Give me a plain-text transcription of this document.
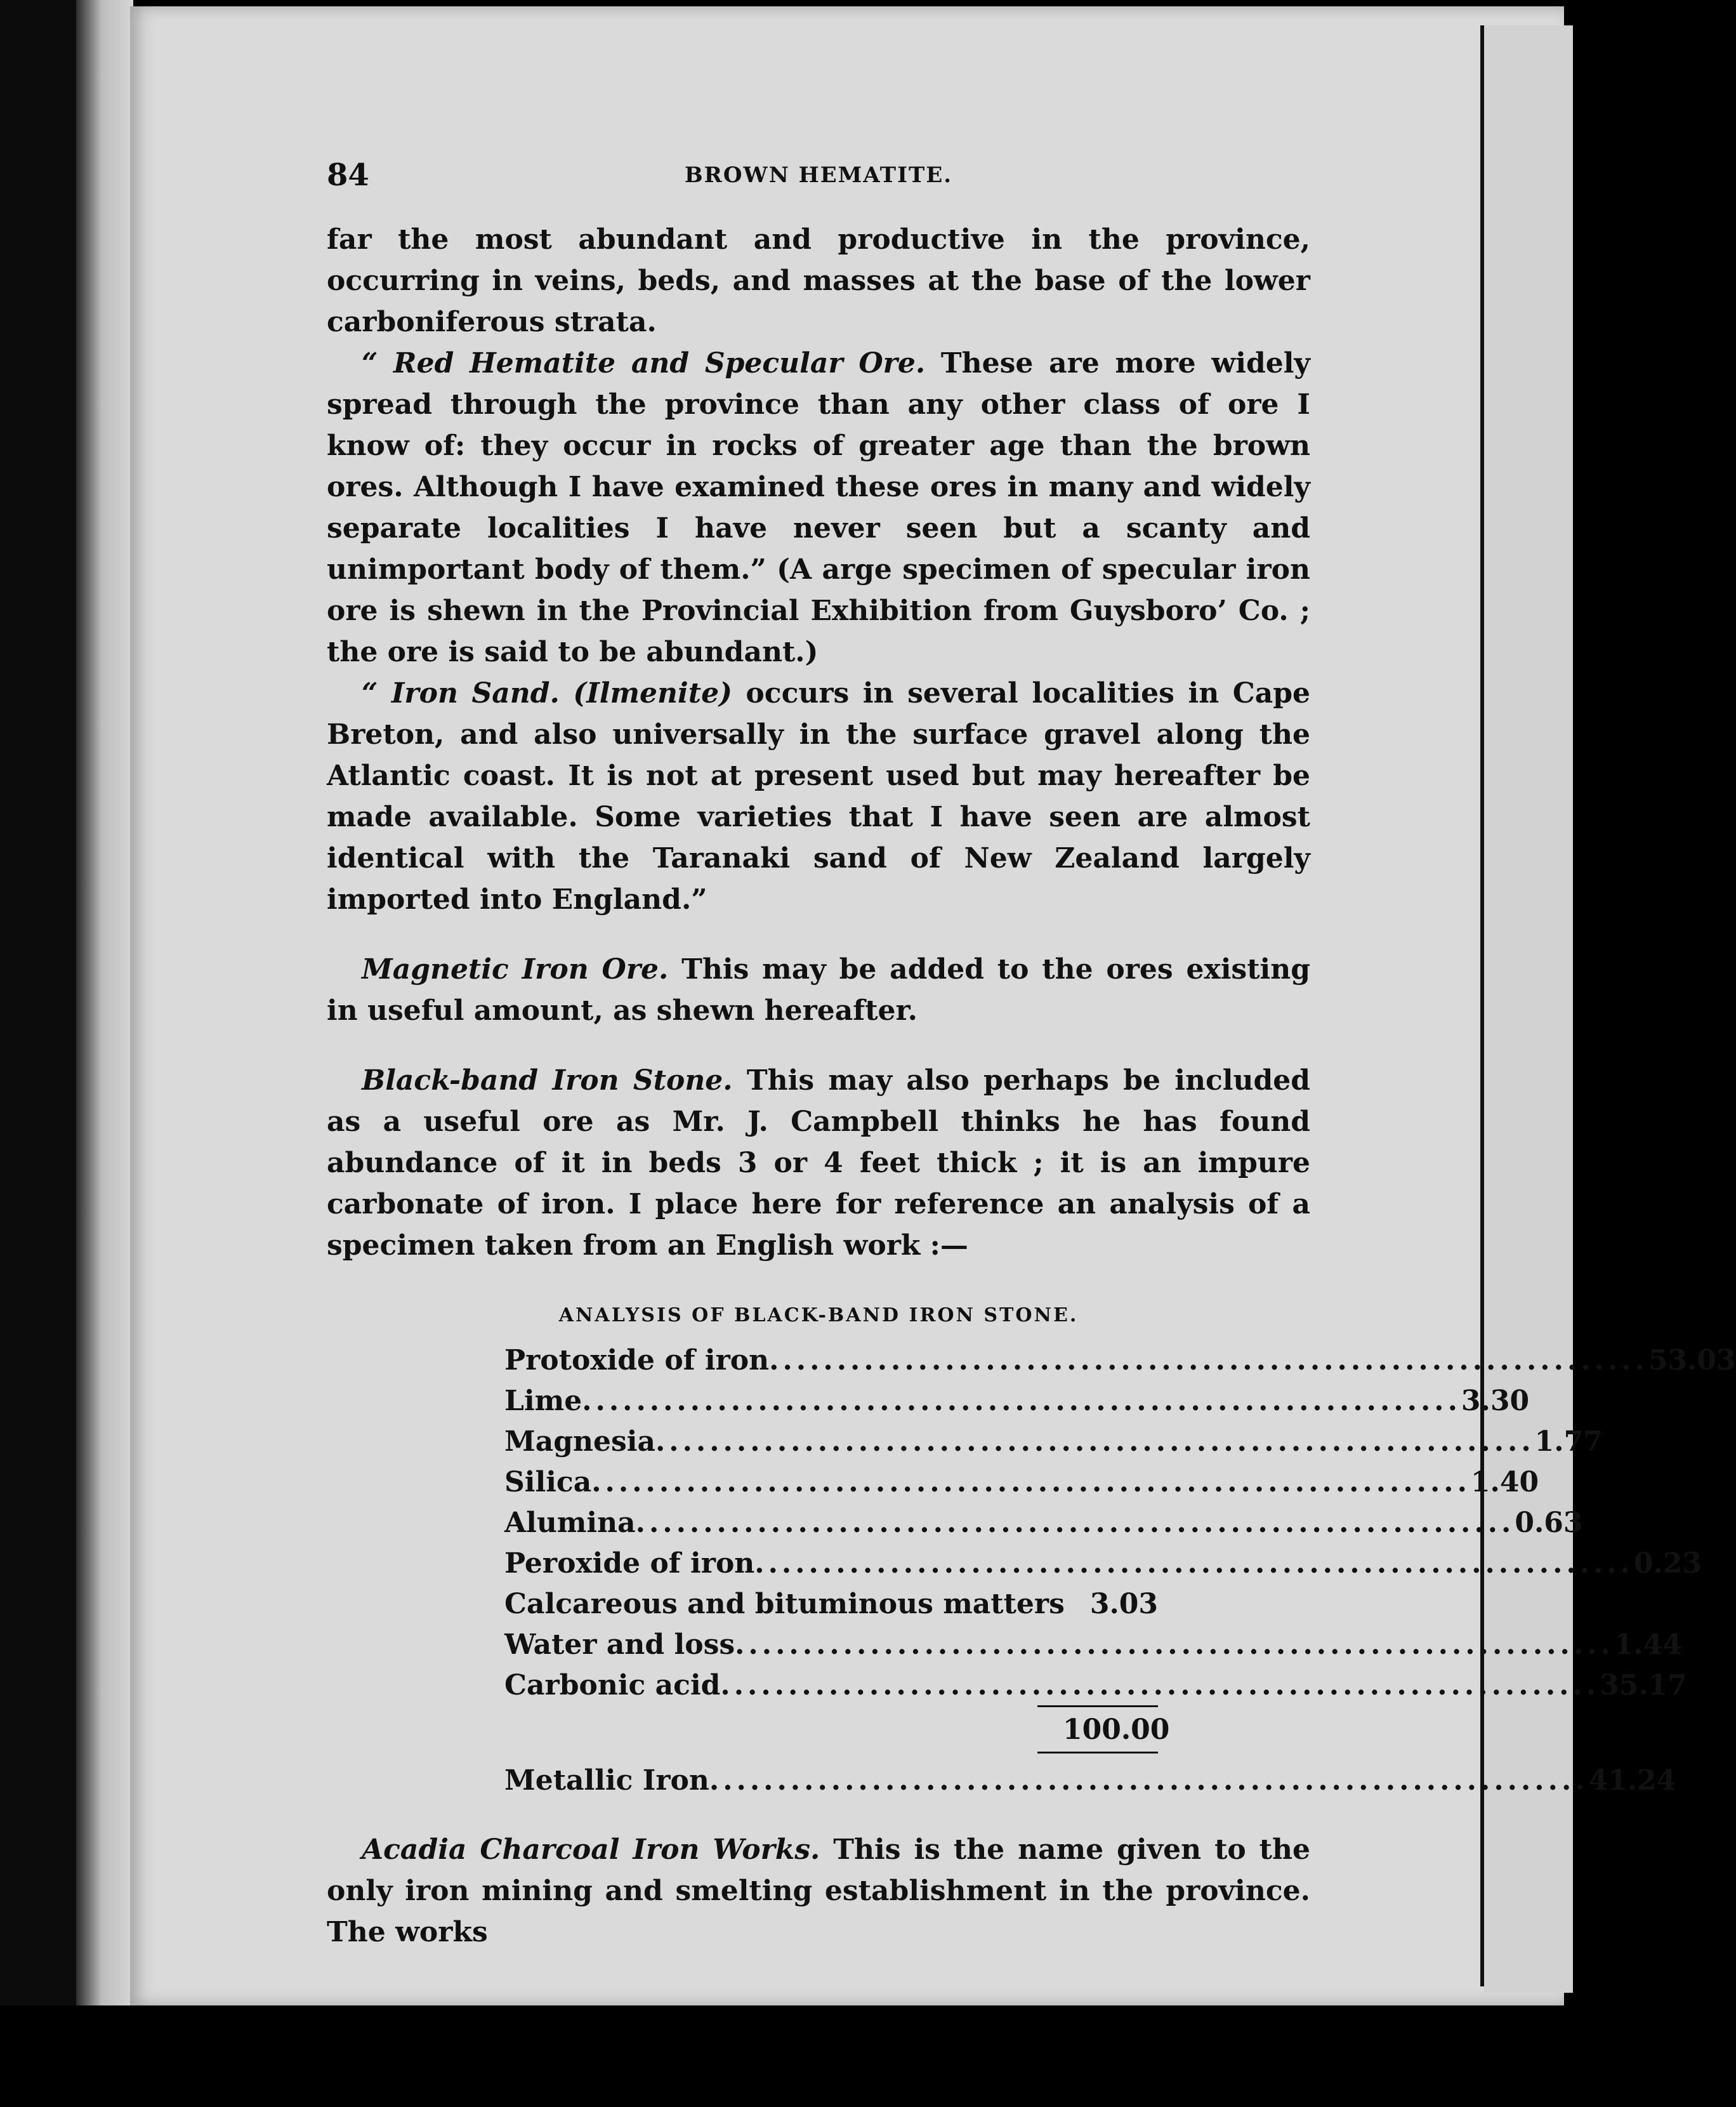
84	BROWN HEMATITE.

far the most abundant and productive in the province, occurring in veins, beds, and masses at the base of the lower carboniferous strata.

“ Red Hematite and Specular Ore. These are more widely spread through the province than any other class of ore I know of: they occur in rocks of greater age than the brown ores. Although I have examined these ores in many and widely separate localities I have never seen but a scanty and unimportant body of them.” (A arge specimen of specular iron ore is shewn in the Provincial Exhibition from Guysboro’ Co. ; the ore is said to be abundant.)

“ Iron Sand. (Ilmenite) occurs in several localities in Cape Breton, and also universally in the surface gravel along the Atlantic coast. It is not at present used but may hereafter be made available. Some varieties that I have seen are almost identical with the Taranaki sand of New Zealand largely imported into England.”

Magnetic Iron Ore. This may be added to the ores existing in useful amount, as shewn hereafter.

Black-band Iron Stone. This may also perhaps be included as a useful ore as Mr. J. Campbell thinks he has found abundance of it in beds 3 or 4 feet thick ; it is an impure carbonate of iron. I place here for reference an analysis of a specimen taken from an English work :—

ANALYSIS OF BLACK-BAND IRON STONE.
Protoxide of iron ................................................................. 53.03
Lime ................................................................. 3.30
Magnesia ................................................................. 1.77
Silica ................................................................. 1.40
Alumina ................................................................. 0.63
Peroxide of iron ................................................................. 0.23
Calcareous and bituminous matters 3.03
Water and loss ................................................................. 1.44
Carbonic acid ................................................................. 35.17
100.00
Metallic Iron ................................................................. 41.24

Acadia Charcoal Iron Works. This is the name given to the only iron mining and smelting establishment in the province. The works
